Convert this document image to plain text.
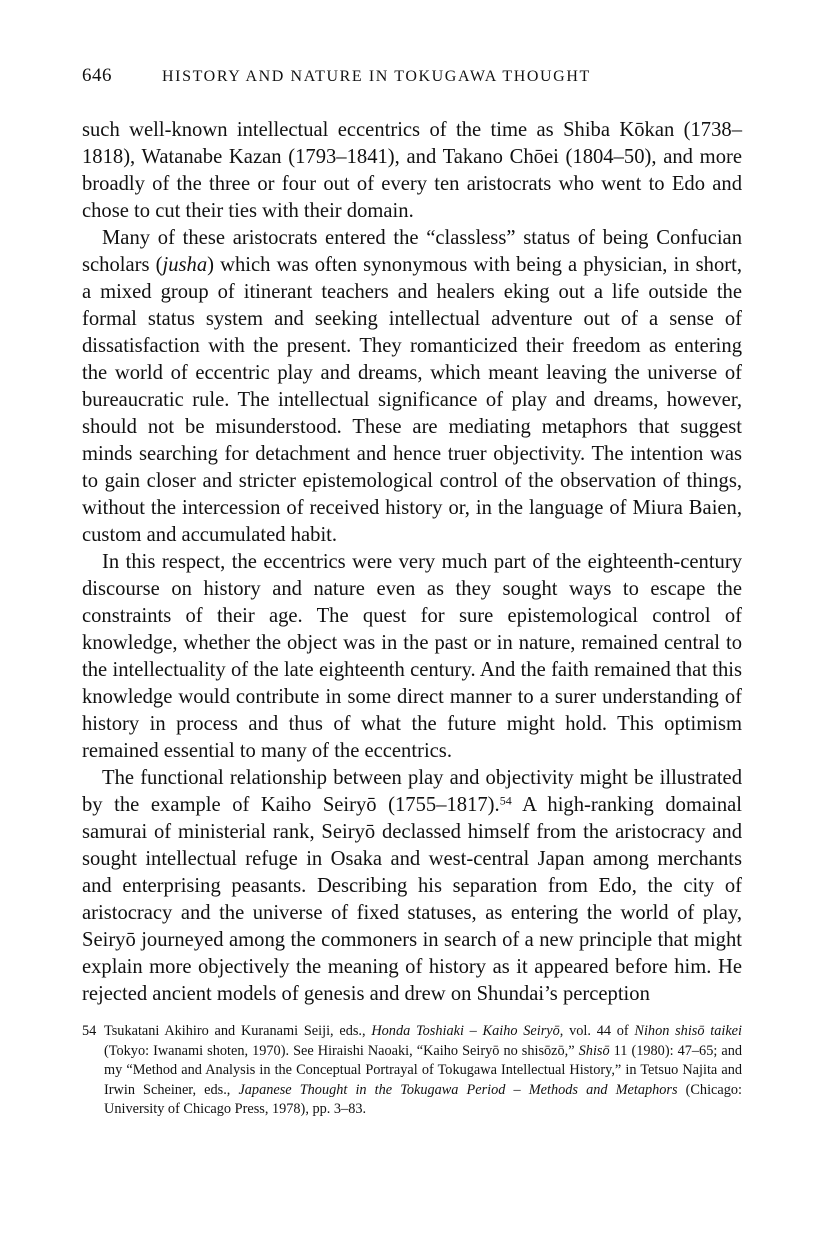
646	HISTORY AND NATURE IN TOKUGAWA THOUGHT

such well-known intellectual eccentrics of the time as Shiba Kōkan (1738–1818), Watanabe Kazan (1793–1841), and Takano Chōei (1804–50), and more broadly of the three or four out of every ten aristocrats who went to Edo and chose to cut their ties with their domain.

Many of these aristocrats entered the “classless” status of being Confucian scholars (jusha) which was often synonymous with being a physician, in short, a mixed group of itinerant teachers and healers eking out a life outside the formal status system and seeking intellectual adventure out of a sense of dissatisfaction with the present. They romanticized their freedom as entering the world of eccentric play and dreams, which meant leaving the universe of bureaucratic rule. The intellectual significance of play and dreams, however, should not be misunderstood. These are mediating metaphors that suggest minds searching for detachment and hence truer objectivity. The intention was to gain closer and stricter epistemological control of the observation of things, without the intercession of received history or, in the language of Miura Baien, custom and accumulated habit.

In this respect, the eccentrics were very much part of the eighteenth-century discourse on history and nature even as they sought ways to escape the constraints of their age. The quest for sure epistemological control of knowledge, whether the object was in the past or in nature, remained central to the intellectuality of the late eighteenth century. And the faith remained that this knowledge would contribute in some direct manner to a surer understanding of history in process and thus of what the future might hold. This optimism remained essential to many of the eccentrics.

The functional relationship between play and objectivity might be illustrated by the example of Kaiho Seiryō (1755–1817).$^{54}$ A high-ranking domainal samurai of ministerial rank, Seiryō declassed himself from the aristocracy and sought intellectual refuge in Osaka and west-central Japan among merchants and enterprising peasants. Describing his separation from Edo, the city of aristocracy and the universe of fixed statuses, as entering the world of play, Seiryō journeyed among the commoners in search of a new principle that might explain more objectively the meaning of history as it appeared before him. He rejected ancient models of genesis and drew on Shundai’s perception

54 Tsukatani Akihiro and Kuranami Seiji, eds., Honda Toshiaki – Kaiho Seiryō, vol. 44 of Nihon shisō taikei (Tokyo: Iwanami shoten, 1970). See Hiraishi Naoaki, “Kaiho Seiryō no shisōzō,” Shisō 11 (1980): 47–65; and my “Method and Analysis in the Conceptual Portrayal of Tokugawa Intellectual History,” in Tetsuo Najita and Irwin Scheiner, eds., Japanese Thought in the Tokugawa Period – Methods and Metaphors (Chicago: University of Chicago Press, 1978), pp. 3–83.
